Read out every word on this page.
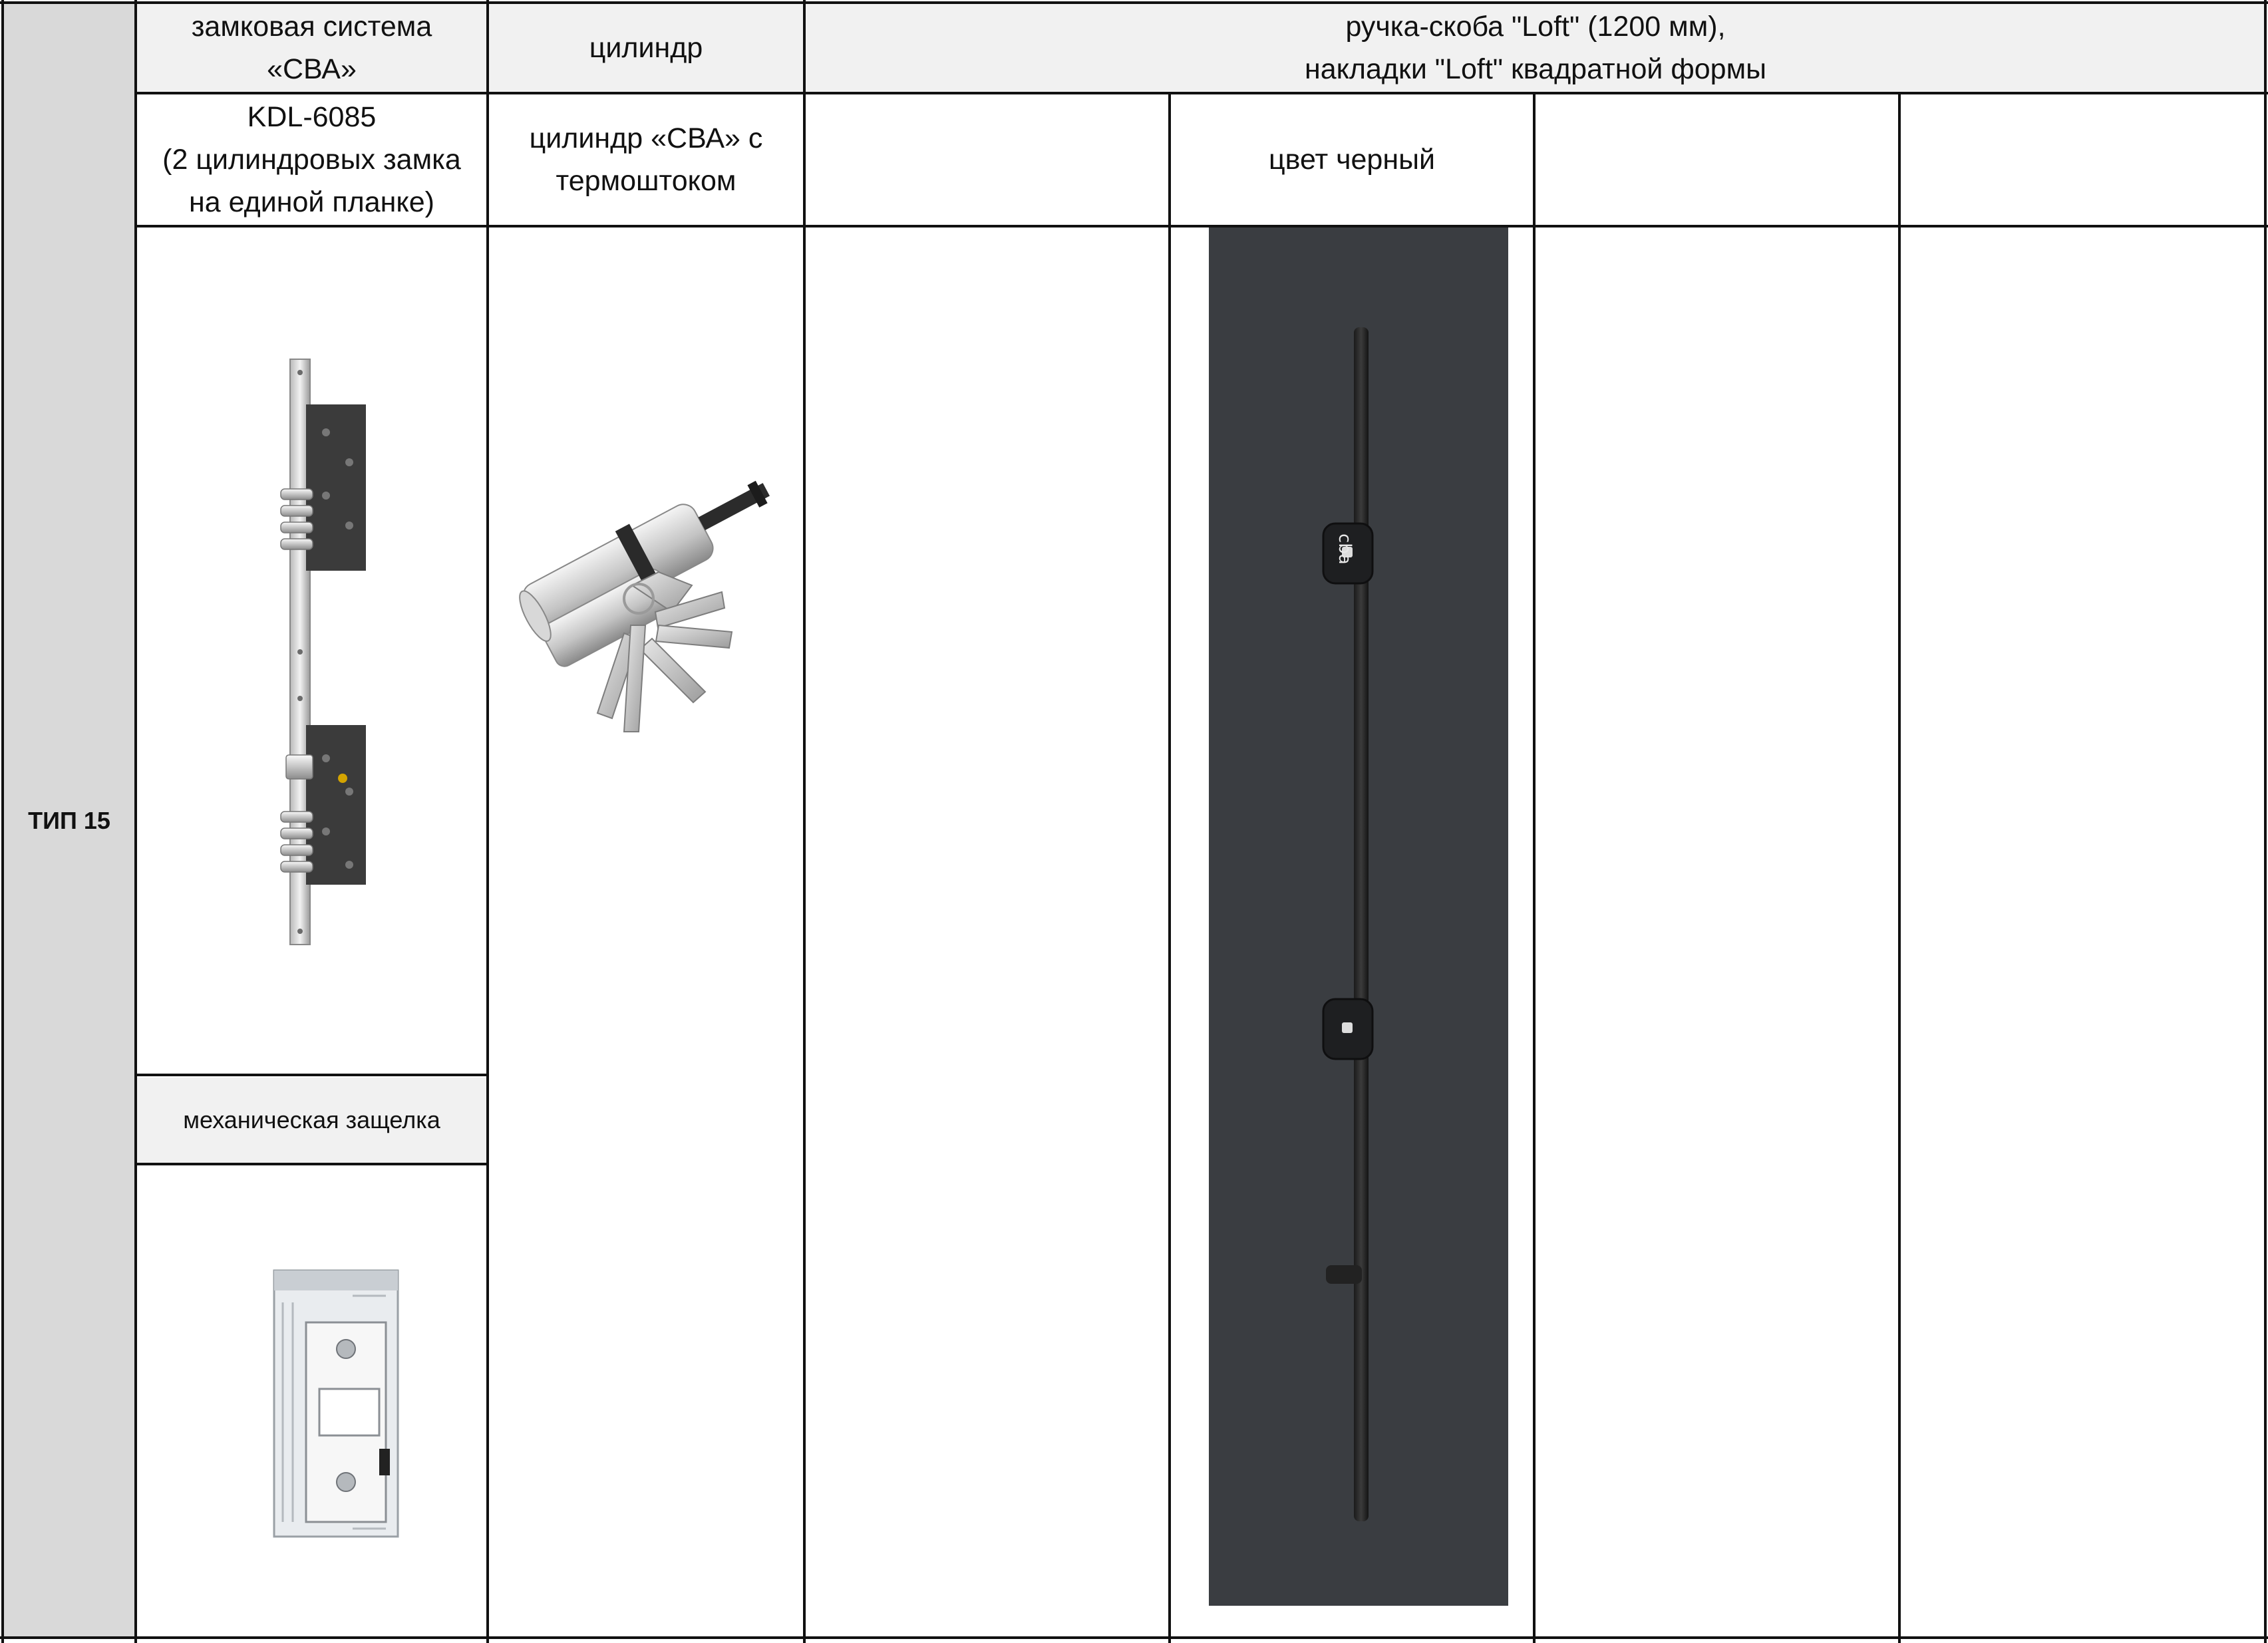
ТИП 15
замковая система
«СВА»
цилиндр
ручка-скоба "Loft" (1200 мм),
накладки "Loft" квадратной формы
KDL-6085
(2 цилиндровых замка
на единой планке)
цилиндр «СВА» с
термоштоком
цвет черный
механическая защелка
cba
